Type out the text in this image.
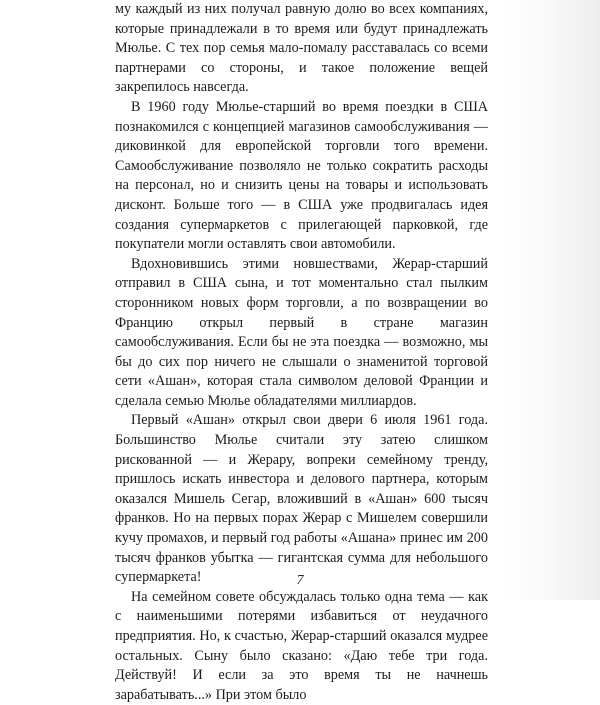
му каждый из них получал равную долю во всех компаниях, которые принадлежали в то время или будут принадлежать Мюлье. С тех пор семья мало-помалу расставалась со всеми партнерами со стороны, и такое положение вещей закрепилось навсегда.

В 1960 году Мюлье-старший во время поездки в США познакомился с концепцией магазинов самообслуживания — диковинкой для европейской торговли того времени. Самообслуживание позволяло не только сократить расходы на персонал, но и снизить цены на товары и использовать дисконт. Больше того — в США уже продвигалась идея создания супермаркетов с прилегающей парковкой, где покупатели могли оставлять свои автомобили.

Вдохновившись этими новшествами, Жерар-старший отправил в США сына, и тот моментально стал пылким сторонником новых форм торговли, а по возвращении во Францию открыл первый в стране магазин самообслуживания. Если бы не эта поездка — возможно, мы бы до сих пор ничего не слышали о знаменитой торговой сети «Ашан», которая стала символом деловой Франции и сделала семью Мюлье обладателями миллиардов.

Первый «Ашан» открыл свои двери 6 июля 1961 года. Большинство Мюлье считали эту затею слишком рискованной — и Жерару, вопреки семейному тренду, пришлось искать инвестора и делового партнера, которым оказался Мишель Сегар, вложивший в «Ашан» 600 тысяч франков. Но на первых порах Жерар с Мишелем совершили кучу промахов, и первый год работы «Ашана» принес им 200 тысяч франков убытка — гигантская сумма для небольшого супермаркета!

На семейном совете обсуждалась только одна тема — как с наименьшими потерями избавиться от неудачного предприятия. Но, к счастью, Жерар-старший оказался мудрее остальных. Сыну было сказано: «Даю тебе три года. Действуй! И если за это время ты не начнешь зарабатывать...» При этом было

7
